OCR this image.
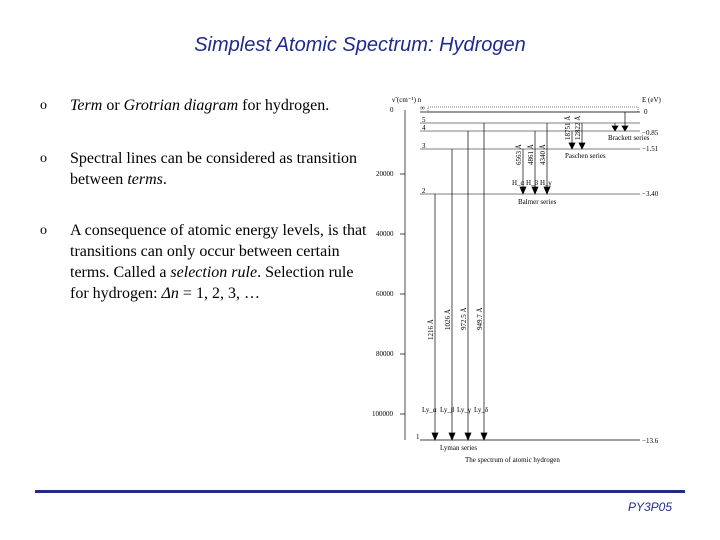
Simplest Atomic Spectrum: Hydrogen
o Term or Grotrian diagram for hydrogen.
o Spectral lines can be considered as transition between terms.
o A consequence of atomic energy levels, is that transitions can only occur between certain terms. Called a selection rule. Selection rule for hydrogen: Δn = 1, 2, 3, …
ν̃ (cm⁻¹) n	E (eV)
0
20000
40000
60000
80000
100000
∞
5
4
3
2
1
0
−0.85
−1.51
−3.40
−13.6
1216 Å 1026 Å 972.5 Å 949.7 Å
Ly_α Ly_β Ly_γ Ly_δ
Lyman series
6563 Å 4861 Å 4340 Å
H_α H_β H_γ
Balmer series
18751 Å 12822 Å
Paschen series
Brackett series
The spectrum of atomic hydrogen
PY3P05
